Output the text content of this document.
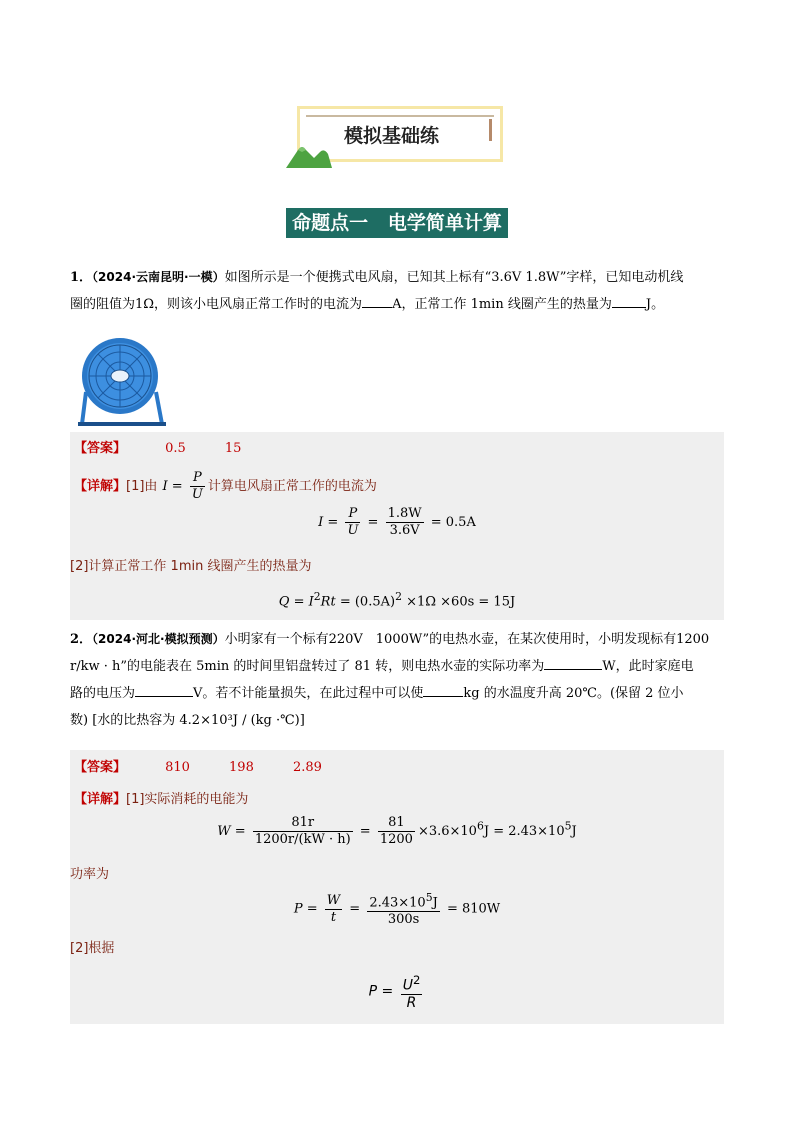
模拟基础练
命题点一   电学简单计算
1．（2024·云南昆明·一模）如图所示是一个便携式电风扇，已知其上标有“3.6V 1.8W”字样，已知电动机线
圈的阻值为1Ω，则该小电风扇正常工作时的电流为 A，正常工作 1min 线圈产生的热量为	J。
【答案】	0.5	15
【详解】[1]由 $I = \frac{P}{U}$ 计算电风扇正常工作的电流为
$I = \frac{P}{U} = \frac{1.8W}{3.6V} = 0.5A$
[2]计算正常工作 1min 线圈产生的热量为
$Q = I^2Rt = (0.5A)^2 \times 1\Omega \times 60s = 15J$
2．（2024·河北·模拟预测）小明家有一个标有220V　1000W”的电热水壶，在某次使用时，小明发现标有1200
r/kw · h”的电能表在 5min 的时间里铝盘转过了 81 转，则电热水壶的实际功率为	W，此时家庭电
路的电压为	V。若不计能量损失，在此过程中可以使	kg 的水温度升高 20℃。(保留 2 位小
数) [水的比热容为 4.2×10³J / (kg ·℃)]
【答案】	810	198	2.89
【详解】[1]实际消耗的电能为
$W = \frac{81r}{1200r/(kW \cdot h)} = \frac{81}{1200} \times 3.6\times 10^6J = 2.43\times 10^5J$
功率为
$P = \frac{W}{t} = \frac{2.43\times 10^5J}{300s} = 810W$
[2]根据
$P = \frac{U^2}{R}$
